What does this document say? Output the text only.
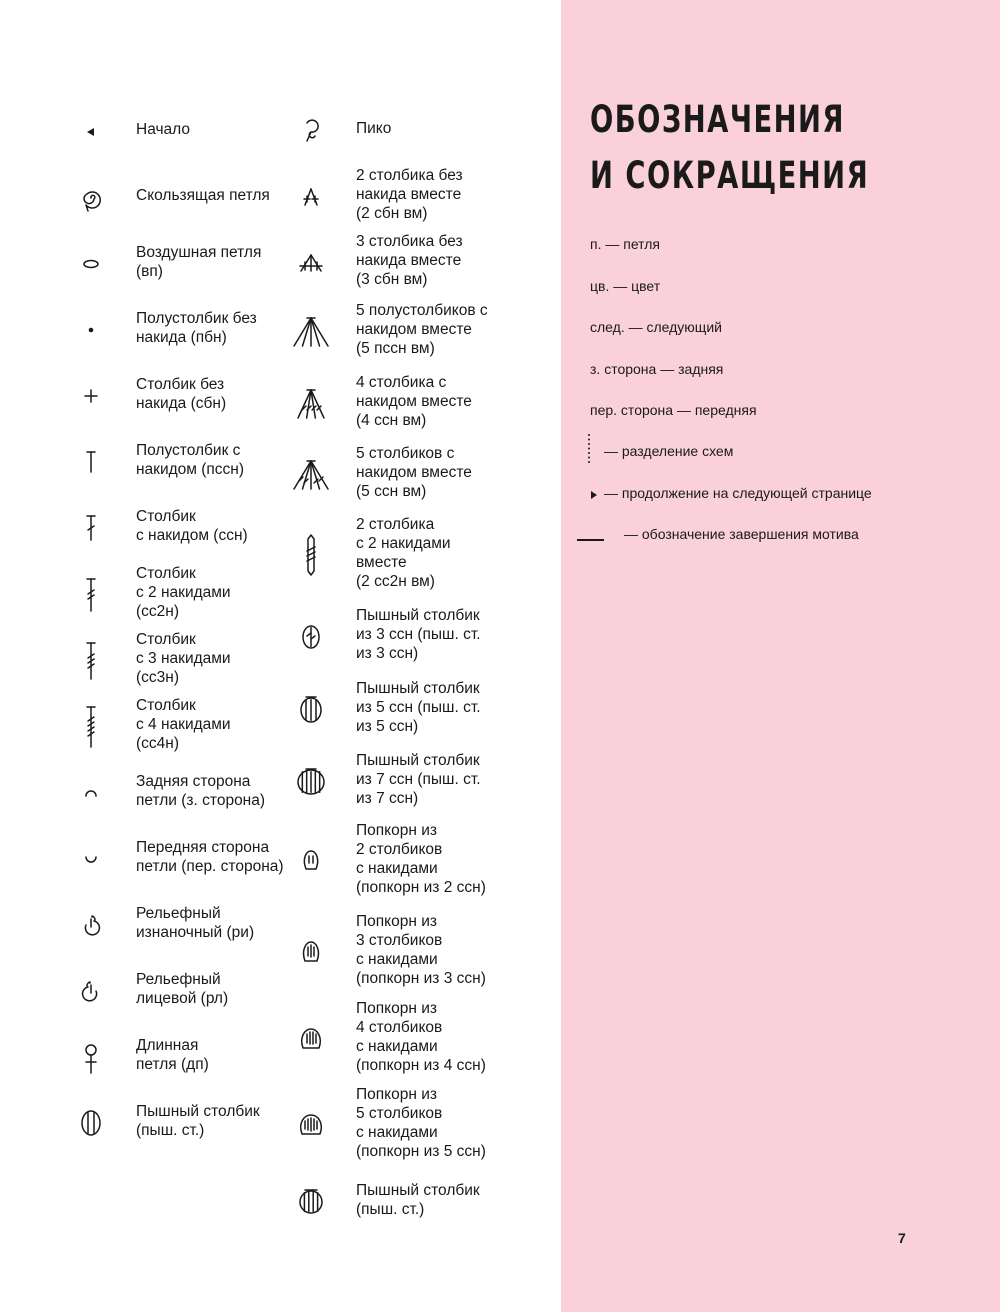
ОБОЗНАЧЕНИЯ
И СОКРАЩЕНИЯ
Начало
Скользящая петля
Воздушная петля
(вп)
Полустолбик без
накида (пбн)
Столбик без
накида (сбн)
Полустолбик с
накидом (пссн)
Столбик
с накидом (ссн)
Столбик
с 2 накидами
(сс2н)
Столбик
с 3 накидами
(сс3н)
Столбик
с 4 накидами
(сс4н)
Задняя сторона
петли (з. сторона)
Передняя сторона
петли (пер. сторона)
Рельефный
изнаночный (ри)
Рельефный
лицевой (рл)
Длинная
петля (дп)
Пышный столбик
(пыш. ст.)
Пико
2 столбика без
накида вместе
(2 сбн вм)
3 столбика без
накида вместе
(3 сбн вм)
5 полустолбиков с
накидом вместе
(5 пссн вм)
4 столбика с
накидом вместе
(4 ссн вм)
5 столбиков с
накидом вместе
(5 ссн вм)
2 столбика
с 2 накидами
вместе
(2 сс2н вм)
Пышный столбик
из 3 ссн (пыш. ст.
из 3 ссн)
Пышный столбик
из 5 ссн (пыш. ст.
из 5 ссн)
Пышный столбик
из 7 ссн (пыш. ст.
из 7 ссн)
Попкорн из
2 столбиков
с накидами
(попкорн из 2 ссн)
Попкорн из
3 столбиков
с накидами
(попкорн из 3 ссн)
Попкорн из
4 столбиков
с накидами
(попкорн из 4 ссн)
Попкорн из
5 столбиков
с накидами
(попкорн из 5 ссн)
Пышный столбик
(пыш. ст.)
п. — петля
цв. — цвет
след. — следующий
з. сторона — задняя
пер. сторона — передняя
— разделение схем
— продолжение на следующей странице
— обозначение завершения мотива
7
